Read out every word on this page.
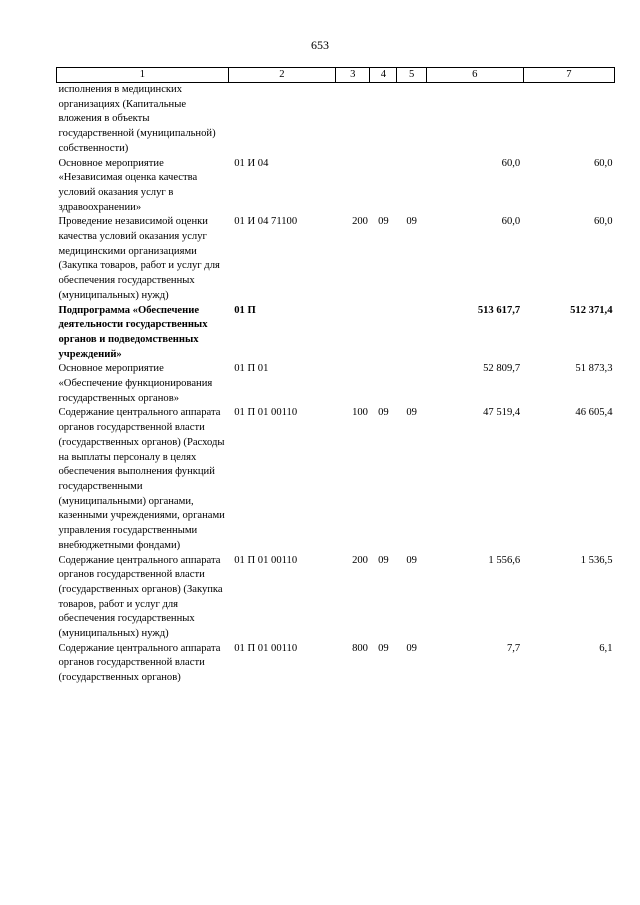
653
1	2	3	4	5	6	7
исполнения в медицинских организациях (Капитальные вложения в объекты государственной (муниципальной) собственности)						
Основное мероприятие «Независимая оценка качества условий оказания услуг в здравоохранении»	01 И 04				60,0	60,0
Проведение независимой оценки качества условий оказания услуг медицинскими организациями (Закупка товаров, работ и услуг для обеспечения государственных (муниципальных) нужд)	01 И 04 71100	200	09	09	60,0	60,0
Подпрограмма «Обеспечение деятельности государственных органов и подведомственных учреждений»	01 П				513 617,7	512 371,4
Основное мероприятие «Обеспечение функционирования государственных органов»	01 П 01				52 809,7	51 873,3
Содержание центрального аппарата органов государственной власти (государственных органов) (Расходы на выплаты персоналу в целях обеспечения выполнения функций государственными (муниципальными) органами, казенными учреждениями, органами управления государственными внебюджетными фондами)	01 П 01 00110	100	09	09	47 519,4	46 605,4
Содержание центрального аппарата органов государственной власти (государственных органов) (Закупка товаров, работ и услуг для обеспечения государственных (муниципальных) нужд)	01 П 01 00110	200	09	09	1 556,6	1 536,5
Содержание центрального аппарата органов государственной власти (государственных органов)	01 П 01 00110	800	09	09	7,7	6,1
